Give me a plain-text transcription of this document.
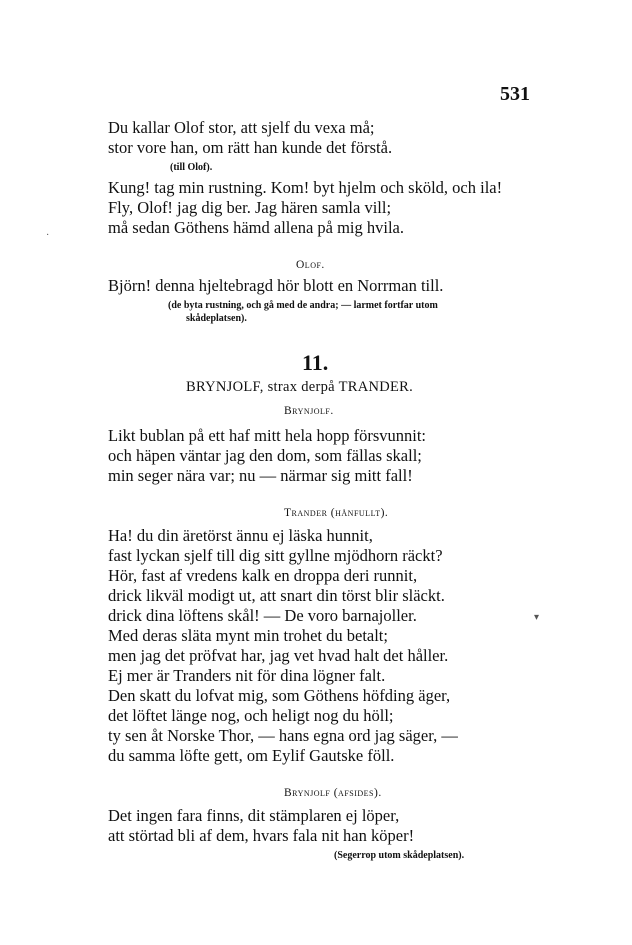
531
Du kallar Olof stor, att sjelf du vexa må;
stor vore han, om rätt han kunde det förstå.
(till Olof).
Kung! tag min rustning. Kom! byt hjelm och sköld, och ila!
Fly, Olof! jag dig ber. Jag hären samla vill;
må sedan Göthens hämd allena på mig hvila.
Olof.
Björn! denna hjeltebragd hör blott en Norrman till.
(de byta rustning, och gå med de andra; — larmet fortfar utom
skådeplatsen).
11.
BRYNJOLF, strax derpå TRANDER.
Brynjolf.
Likt bublan på ett haf mitt hela hopp försvunnit:
och häpen väntar jag den dom, som fällas skall;
min seger nära var; nu — närmar sig mitt fall!
Trander (hånfullt).
Ha! du din äretörst ännu ej läska hunnit,
fast lyckan sjelf till dig sitt gyllne mjödhorn räckt?
Hör, fast af vredens kalk en droppa deri runnit,
drick likväl modigt ut, att snart din törst blir släckt.
drick dina löftens skål! — De voro barnajoller.
Med deras släta mynt min trohet du betalt;
men jag det pröfvat har, jag vet hvad halt det håller.
Ej mer är Tranders nit för dina lögner falt.
Den skatt du lofvat mig, som Göthens höfding äger,
det löftet länge nog, och heligt nog du höll;
ty sen åt Norske Thor, — hans egna ord jag säger, —
du samma löfte gett, om Eylif Gautske föll.
Brynjolf (afsides).
Det ingen fara finns, dit stämplaren ej löper,
att störtad bli af dem, hvars fala nit han köper!
(Segerrop utom skådeplatsen).
·
▾
